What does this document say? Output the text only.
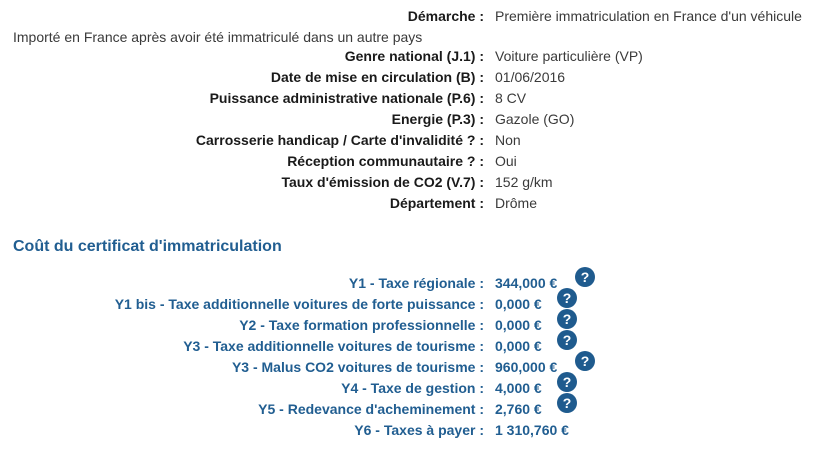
Démarche : Première immatriculation en France d'un véhicule
Importé en France après avoir été immatriculé dans un autre pays
Genre national (J.1) : Voiture particulière (VP)
Date de mise en circulation (B) : 01/06/2016
Puissance administrative nationale (P.6) : 8 CV
Energie (P.3) : Gazole (GO)
Carrosserie handicap / Carte d'invalidité ? : Non
Réception communautaire ? : Oui
Taux d'émission de CO2 (V.7) : 152 g/km
Département : Drôme
Coût du certificat d'immatriculation
Y1 - Taxe régionale : 344,000 €	?
Y1 bis - Taxe additionnelle voitures de forte puissance : 0,000 €	?
Y2 - Taxe formation professionnelle : 0,000 €	?
Y3 - Taxe additionnelle voitures de tourisme : 0,000 €	?
Y3 - Malus CO2 voitures de tourisme : 960,000 €	?
Y4 - Taxe de gestion : 4,000 €	?
Y5 - Redevance d'acheminement : 2,760 €	?
Y6 - Taxes à payer : 1 310,760 €
